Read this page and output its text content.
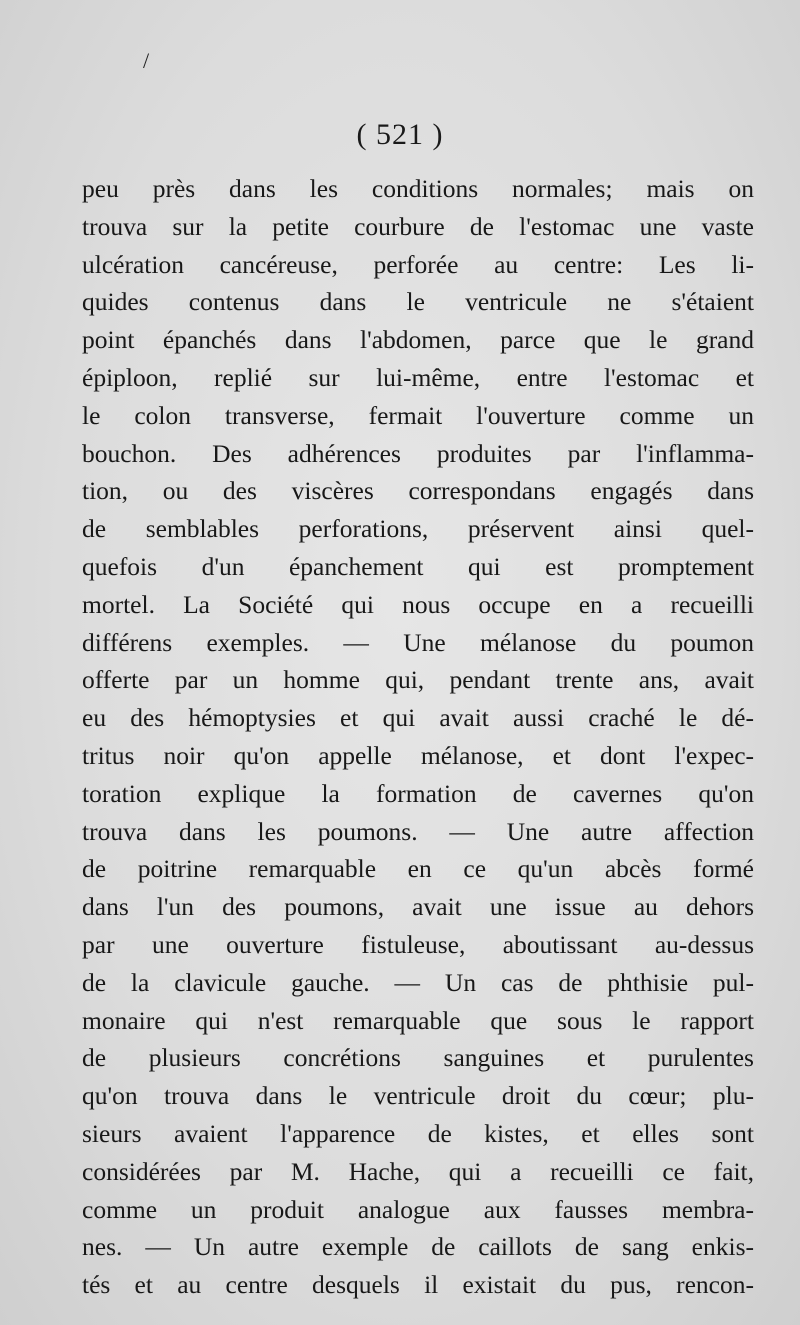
/
( 521 )
peu près dans les conditions normales; mais on
trouva sur la petite courbure de l'estomac une vaste
ulcération cancéreuse, perforée au centre: Les li-
quides contenus dans le ventricule ne s'étaient
point épanchés dans l'abdomen, parce que le grand
épiploon, replié sur lui-même, entre l'estomac et
le colon transverse, fermait l'ouverture comme un
bouchon. Des adhérences produites par l'inflamma-
tion, ou des viscères correspondans engagés dans
de semblables perforations, préservent ainsi quel-
quefois d'un épanchement qui est promptement
mortel. La Société qui nous occupe en a recueilli
différens exemples. — Une mélanose du poumon
offerte par un homme qui, pendant trente ans, avait
eu des hémoptysies et qui avait aussi craché le dé-
tritus noir qu'on appelle mélanose, et dont l'expec-
toration explique la formation de cavernes qu'on
trouva dans les poumons. — Une autre affection
de poitrine remarquable en ce qu'un abcès formé
dans l'un des poumons, avait une issue au dehors
par une ouverture fistuleuse, aboutissant au-dessus
de la clavicule gauche. — Un cas de phthisie pul-
monaire qui n'est remarquable que sous le rapport
de plusieurs concrétions sanguines et purulentes
qu'on trouva dans le ventricule droit du cœur; plu-
sieurs avaient l'apparence de kistes, et elles sont
considérées par M. Hache, qui a recueilli ce fait,
comme un produit analogue aux fausses membra-
nes. — Un autre exemple de caillots de sang enkis-
tés et au centre desquels il existait du pus, rencon-
